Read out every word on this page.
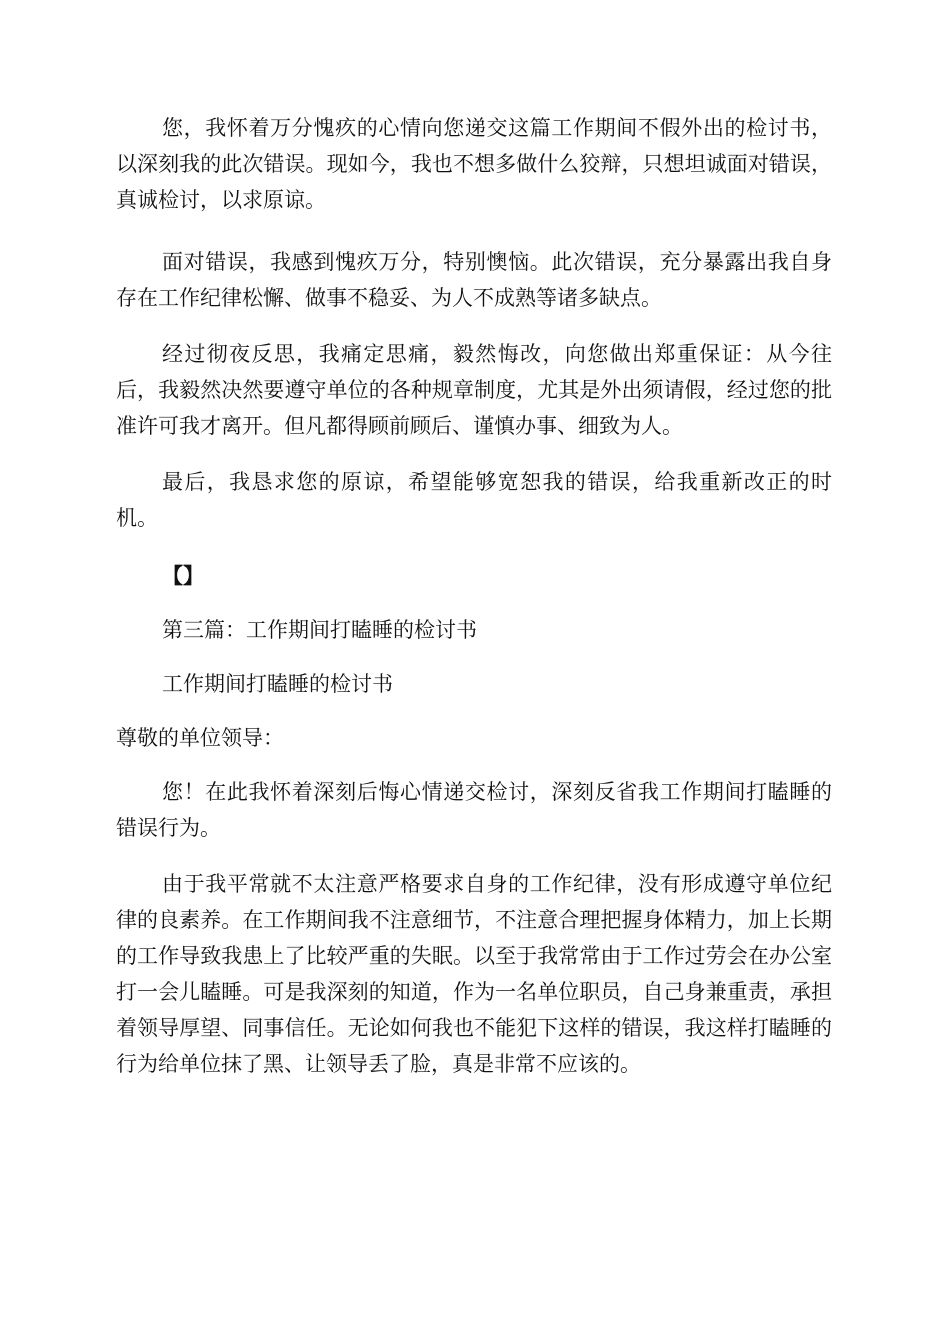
您，我怀着万分愧疚的心情向您递交这篇工作期间不假外出的检讨书，以深刻我的此次错误。现如今，我也不想多做什么狡辩，只想坦诚面对错误，真诚检讨，以求原谅。

面对错误，我感到愧疚万分，特别懊恼。此次错误，充分暴露出我自身存在工作纪律松懈、做事不稳妥、为人不成熟等诸多缺点。

经过彻夜反思，我痛定思痛，毅然悔改，向您做出郑重保证：从今往后，我毅然决然要遵守单位的各种规章制度，尤其是外出须请假，经过您的批准许可我才离开。但凡都得顾前顾后、谨慎办事、细致为人。

最后，我恳求您的原谅，希望能够宽恕我的错误，给我重新改正的时机。

【】

第三篇：工作期间打瞌睡的检讨书

工作期间打瞌睡的检讨书

尊敬的单位领导：

您！在此我怀着深刻后悔心情递交检讨，深刻反省我工作期间打瞌睡的错误行为。

由于我平常就不太注意严格要求自身的工作纪律，没有形成遵守单位纪律的良素养。在工作期间我不注意细节，不注意合理把握身体精力，加上长期的工作导致我患上了比较严重的失眠。以至于我常常由于工作过劳会在办公室打一会儿瞌睡。可是我深刻的知道，作为一名单位职员，自己身兼重责，承担着领导厚望、同事信任。无论如何我也不能犯下这样的错误，我这样打瞌睡的行为给单位抹了黑、让领导丢了脸，真是非常不应该的。
